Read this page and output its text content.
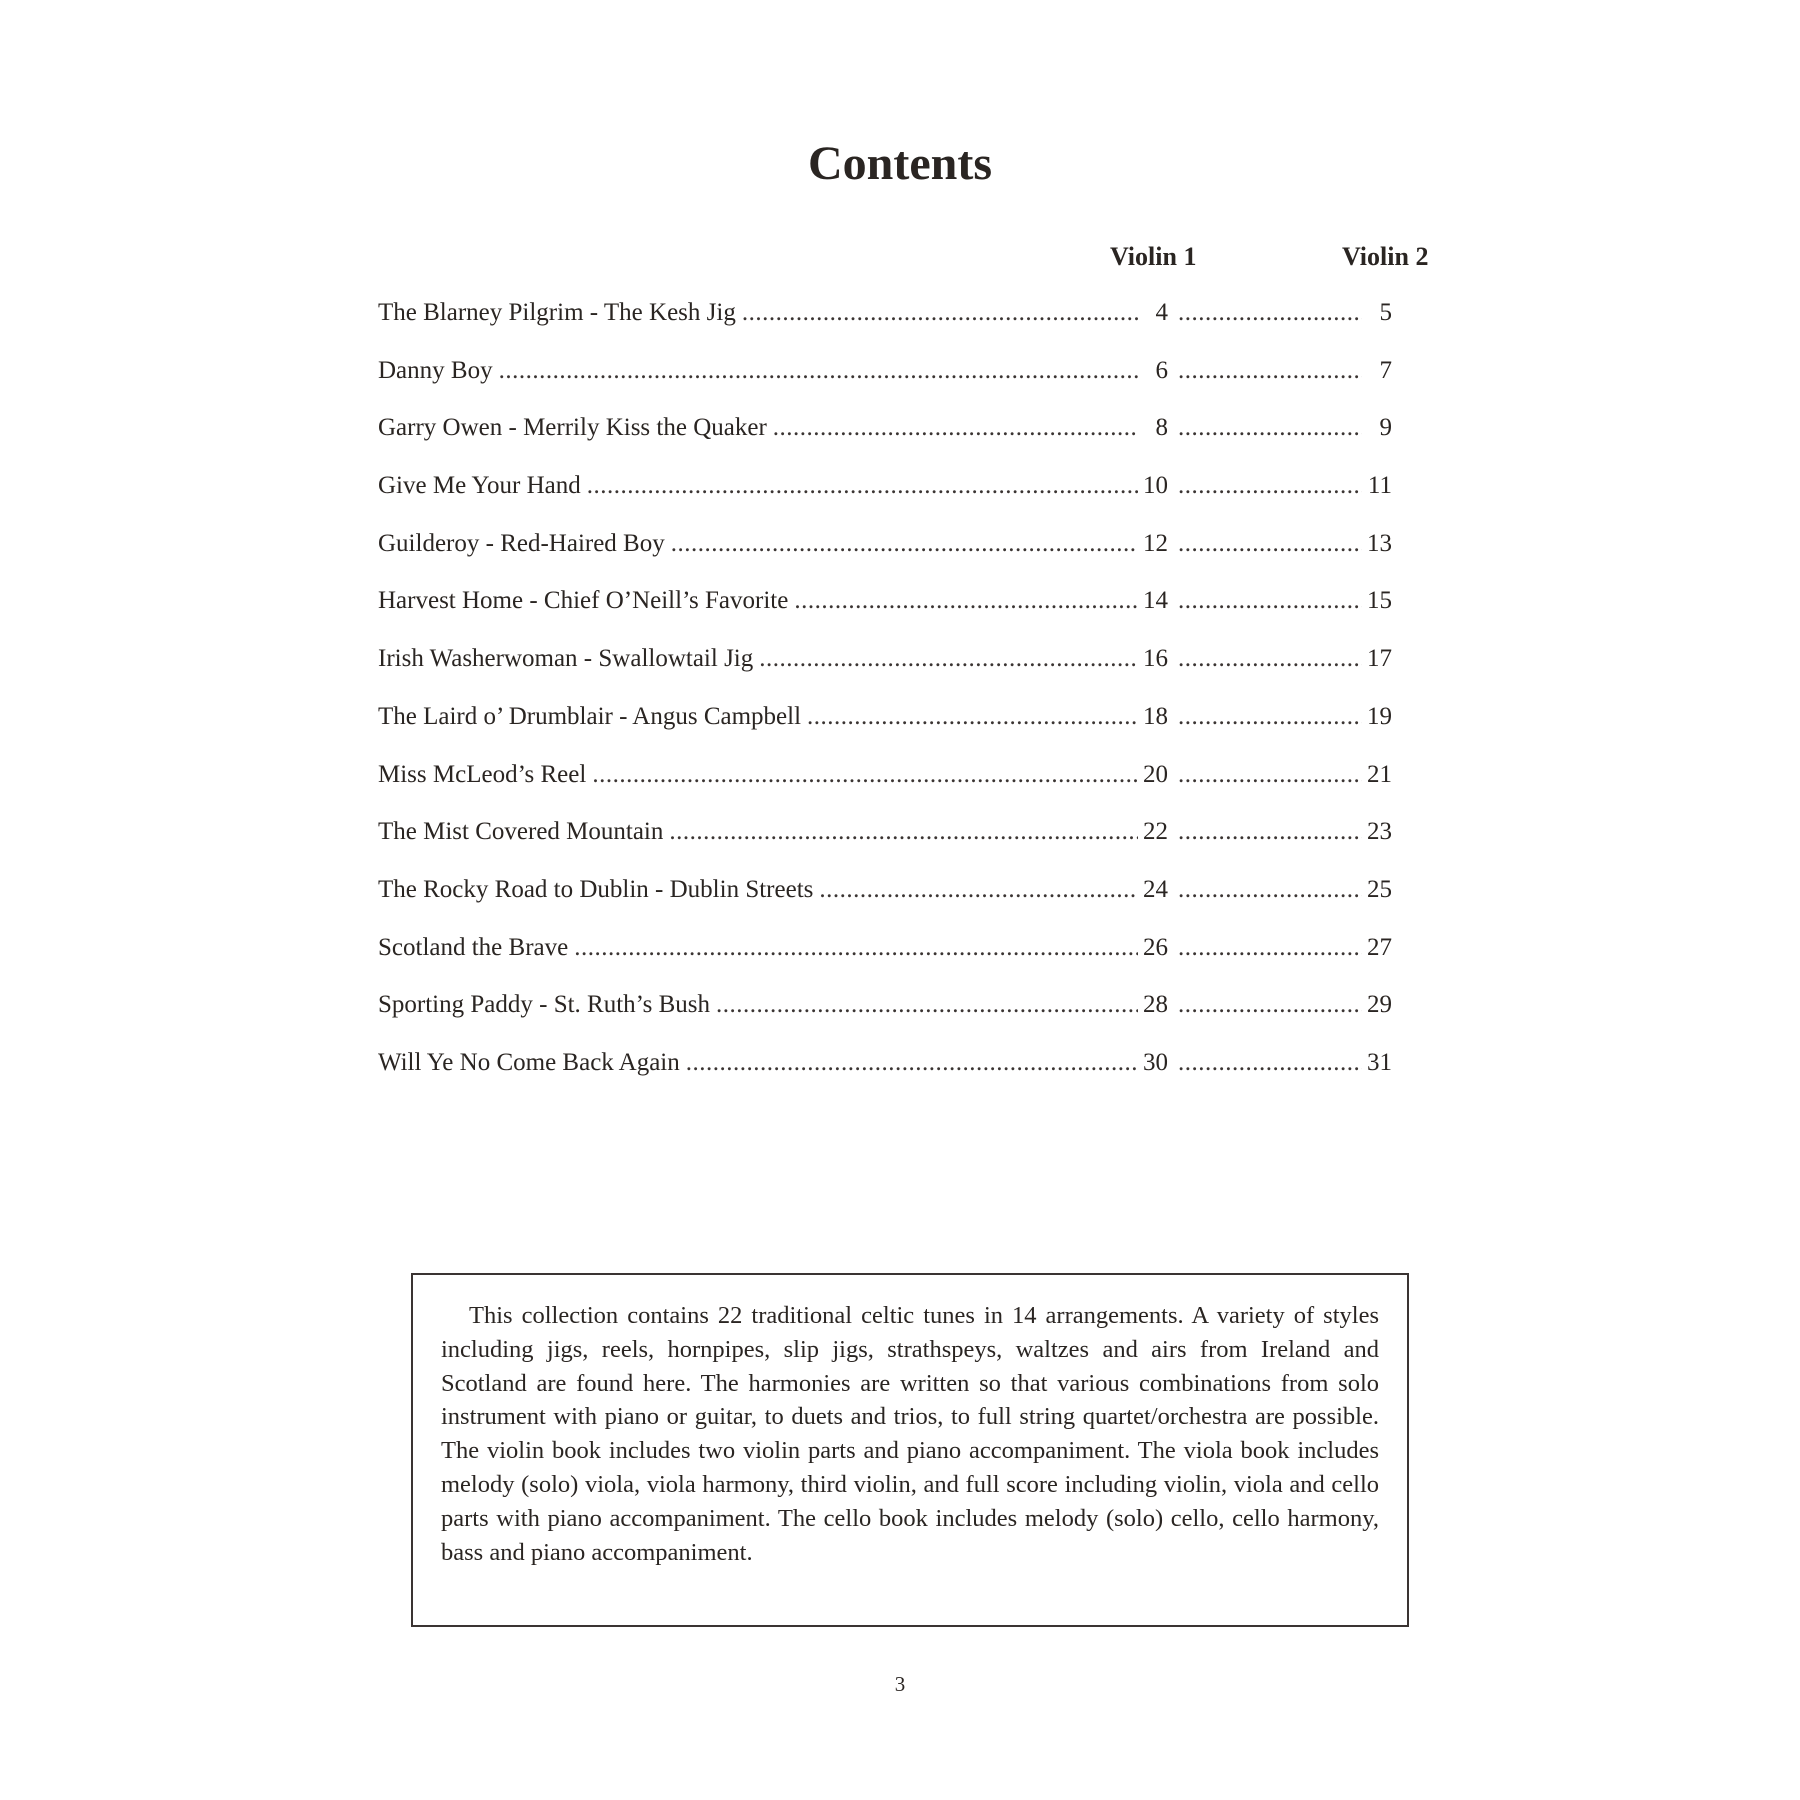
Contents
Violin 1	Violin 2
The Blarney Pilgrim - The Kesh Jig .....	4 .....	5
Danny Boy .....	6 .....	7
Garry Owen - Merrily Kiss the Quaker .....	8 .....	9
Give Me Your Hand .....	10 .....	11
Guilderoy - Red-Haired Boy .....	12 .....	13
Harvest Home - Chief O’Neill’s Favorite .....	14 .....	15
Irish Washerwoman - Swallowtail Jig .....	16 .....	17
The Laird o’ Drumblair - Angus Campbell .....	18 .....	19
Miss McLeod’s Reel .....	20 .....	21
The Mist Covered Mountain .....	22 .....	23
The Rocky Road to Dublin - Dublin Streets .....	24 .....	25
Scotland the Brave .....	26 .....	27
Sporting Paddy - St. Ruth’s Bush .....	28 .....	29
Will Ye No Come Back Again .....	30 .....	31

This collection contains 22 traditional celtic tunes in 14 arrangements. A variety of styles including jigs, reels, hornpipes, slip jigs, strathspeys, waltzes and airs from Ireland and Scotland are found here. The harmonies are written so that various combinations from solo instrument with piano or guitar, to duets and trios, to full string quartet/orchestra are possible. The violin book includes two violin parts and piano accompaniment. The viola book includes melody (solo) viola, viola harmony, third violin, and full score including violin, viola and cello parts with piano accompaniment. The cello book includes melody (solo) cello, cello harmony, bass and piano accompaniment.

3
